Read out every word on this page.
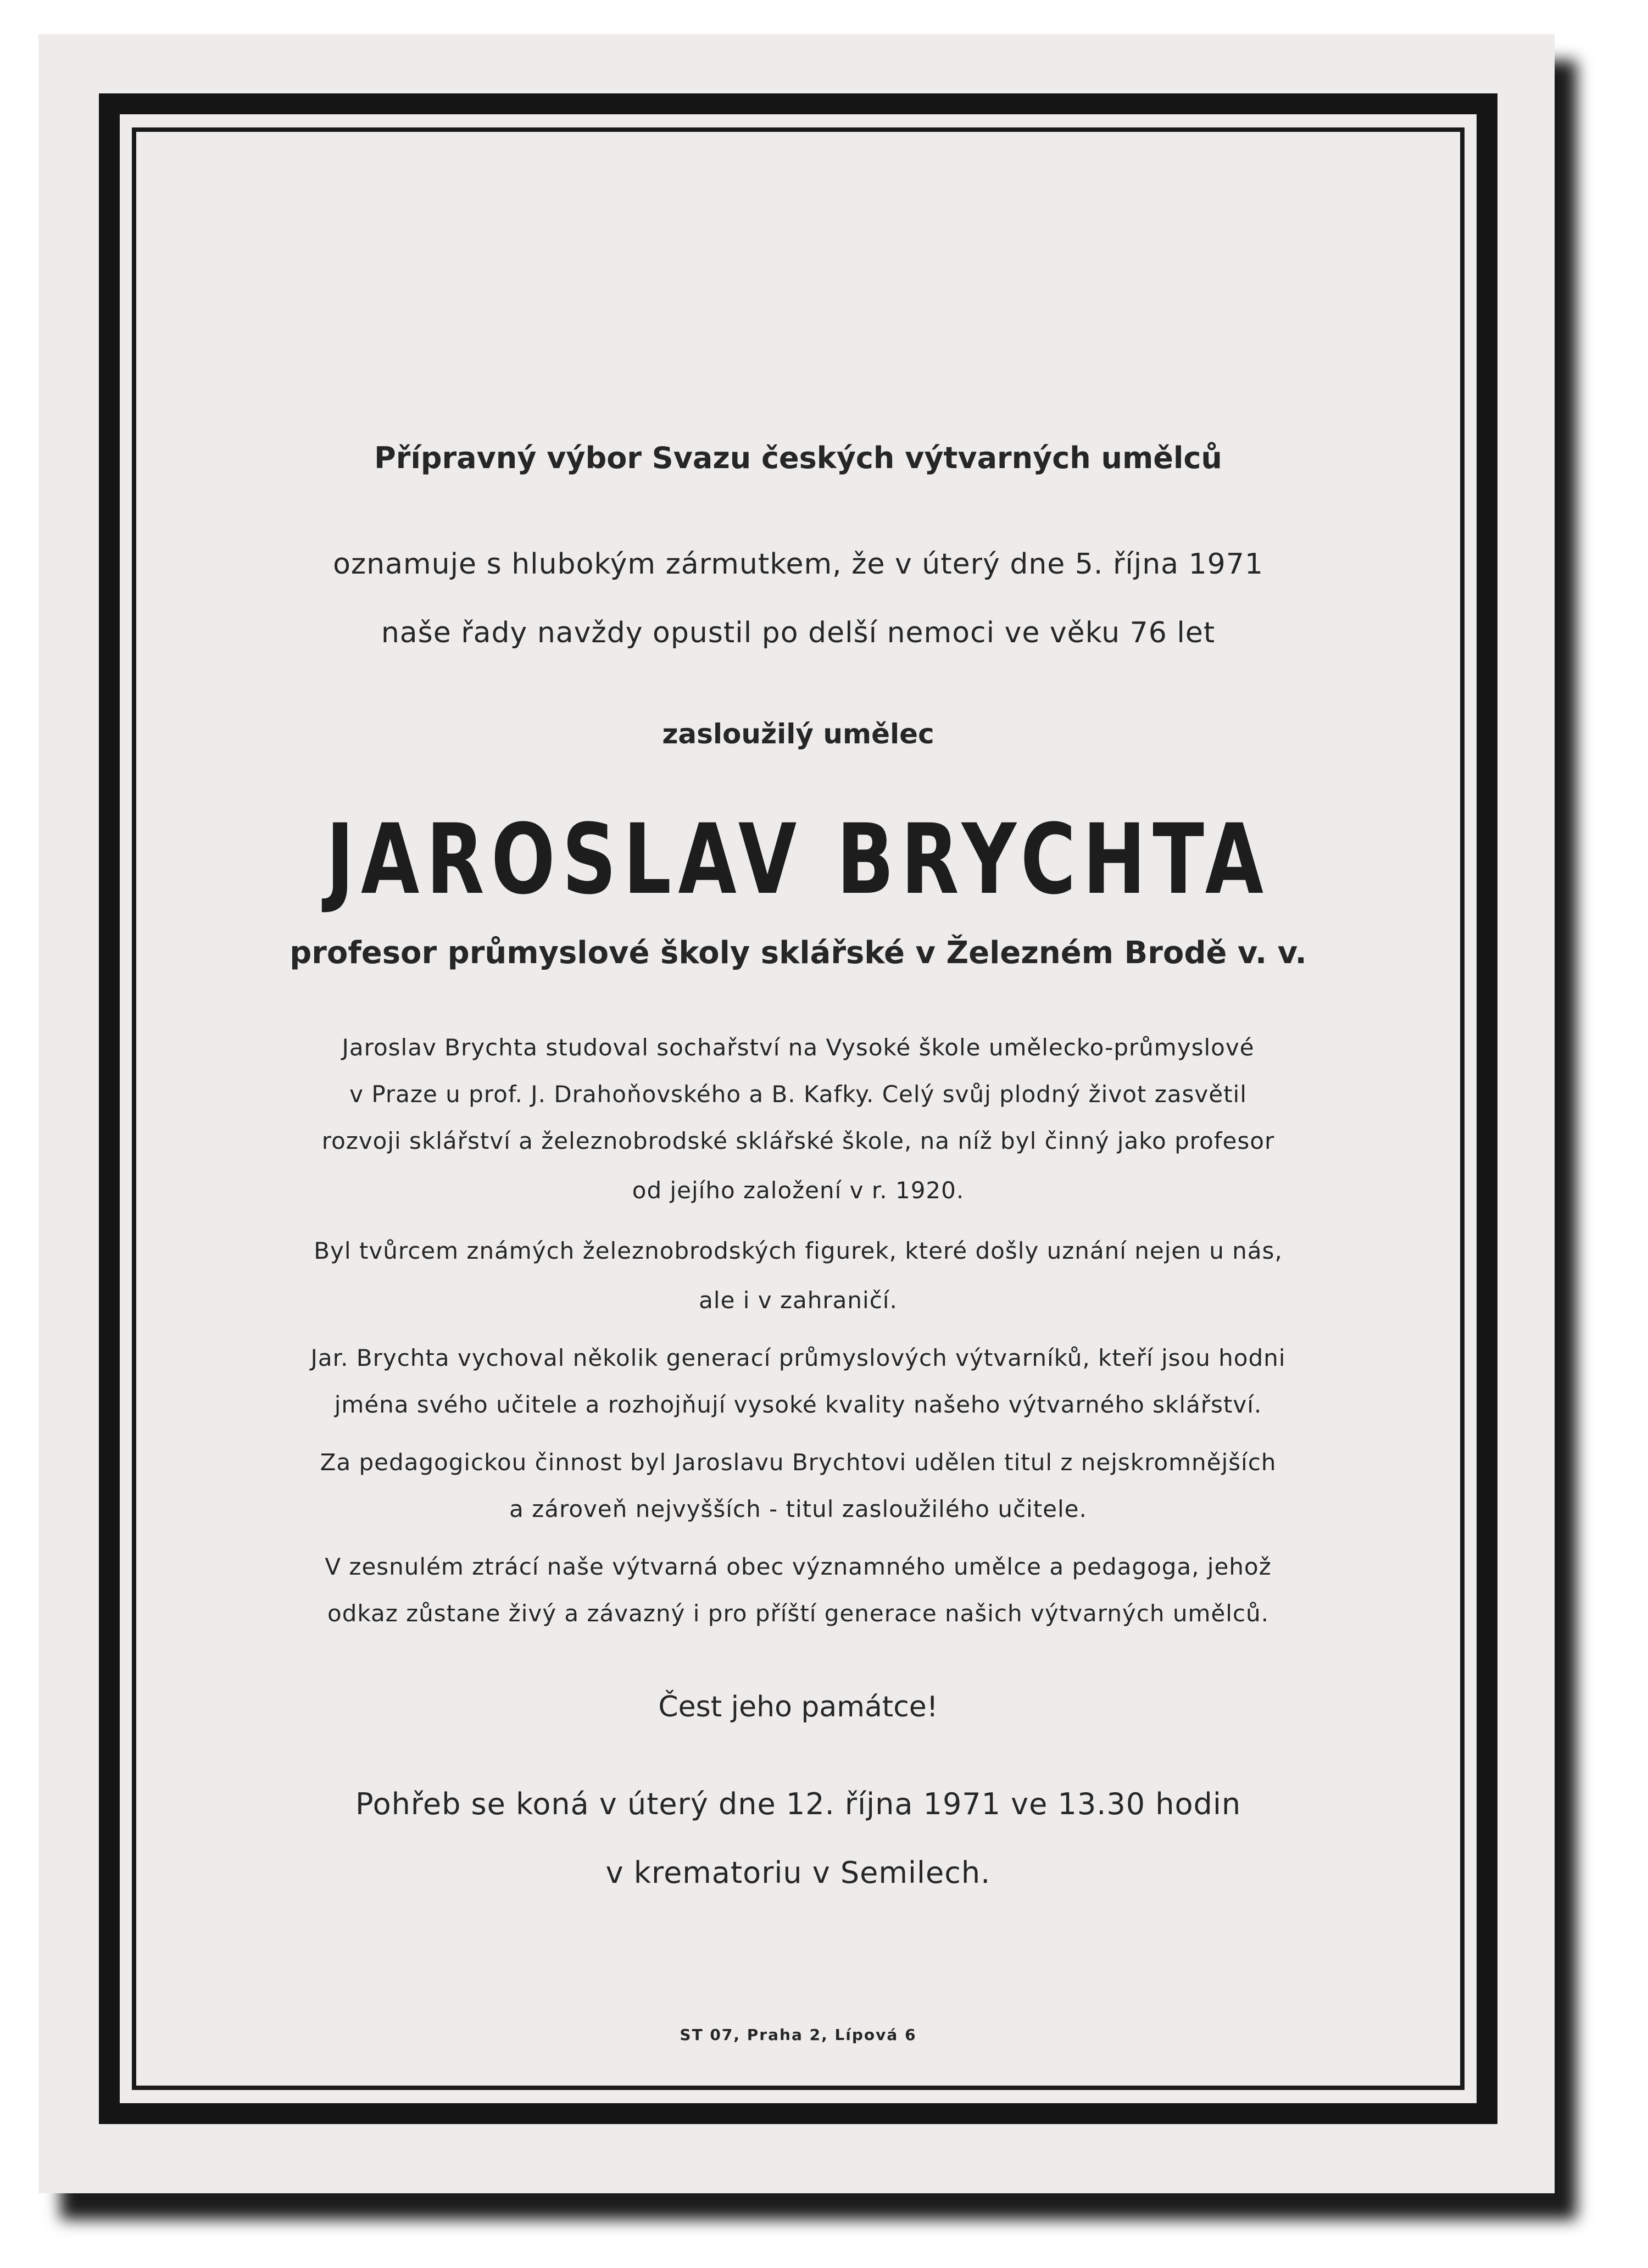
Přípravný výbor Svazu českých výtvarných umělců
oznamuje s hlubokým zármutkem, že v úterý dne 5. října 1971
naše řady navždy opustil po delší nemoci ve věku 76 let
zasloužilý umělec
JAROSLAV BRYCHTA
profesor průmyslové školy sklářské v Železném Brodě v. v.
Jaroslav Brychta studoval sochařství na Vysoké škole umělecko-průmyslové
v Praze u prof. J. Drahoňovského a B. Kafky. Celý svůj plodný život zasvětil
rozvoji sklářství a železnobrodské sklářské škole, na níž byl činný jako profesor
od jejího založení v r. 1920.
Byl tvůrcem známých železnobrodských figurek, které došly uznání nejen u nás,
ale i v zahraničí.
Jar. Brychta vychoval několik generací průmyslových výtvarníků, kteří jsou hodni
jména svého učitele a rozhojňují vysoké kvality našeho výtvarného sklářství.
Za pedagogickou činnost byl Jaroslavu Brychtovi udělen titul z nejskromnějších
a zároveň nejvyšších - titul zasloužilého učitele.
V zesnulém ztrácí naše výtvarná obec významného umělce a pedagoga, jehož
odkaz zůstane živý a závazný i pro příští generace našich výtvarných umělců.
Čest jeho památce!
Pohřeb se koná v úterý dne 12. října 1971 ve 13.30 hodin
v krematoriu v Semilech.
ST 07, Praha 2, Lípová 6
